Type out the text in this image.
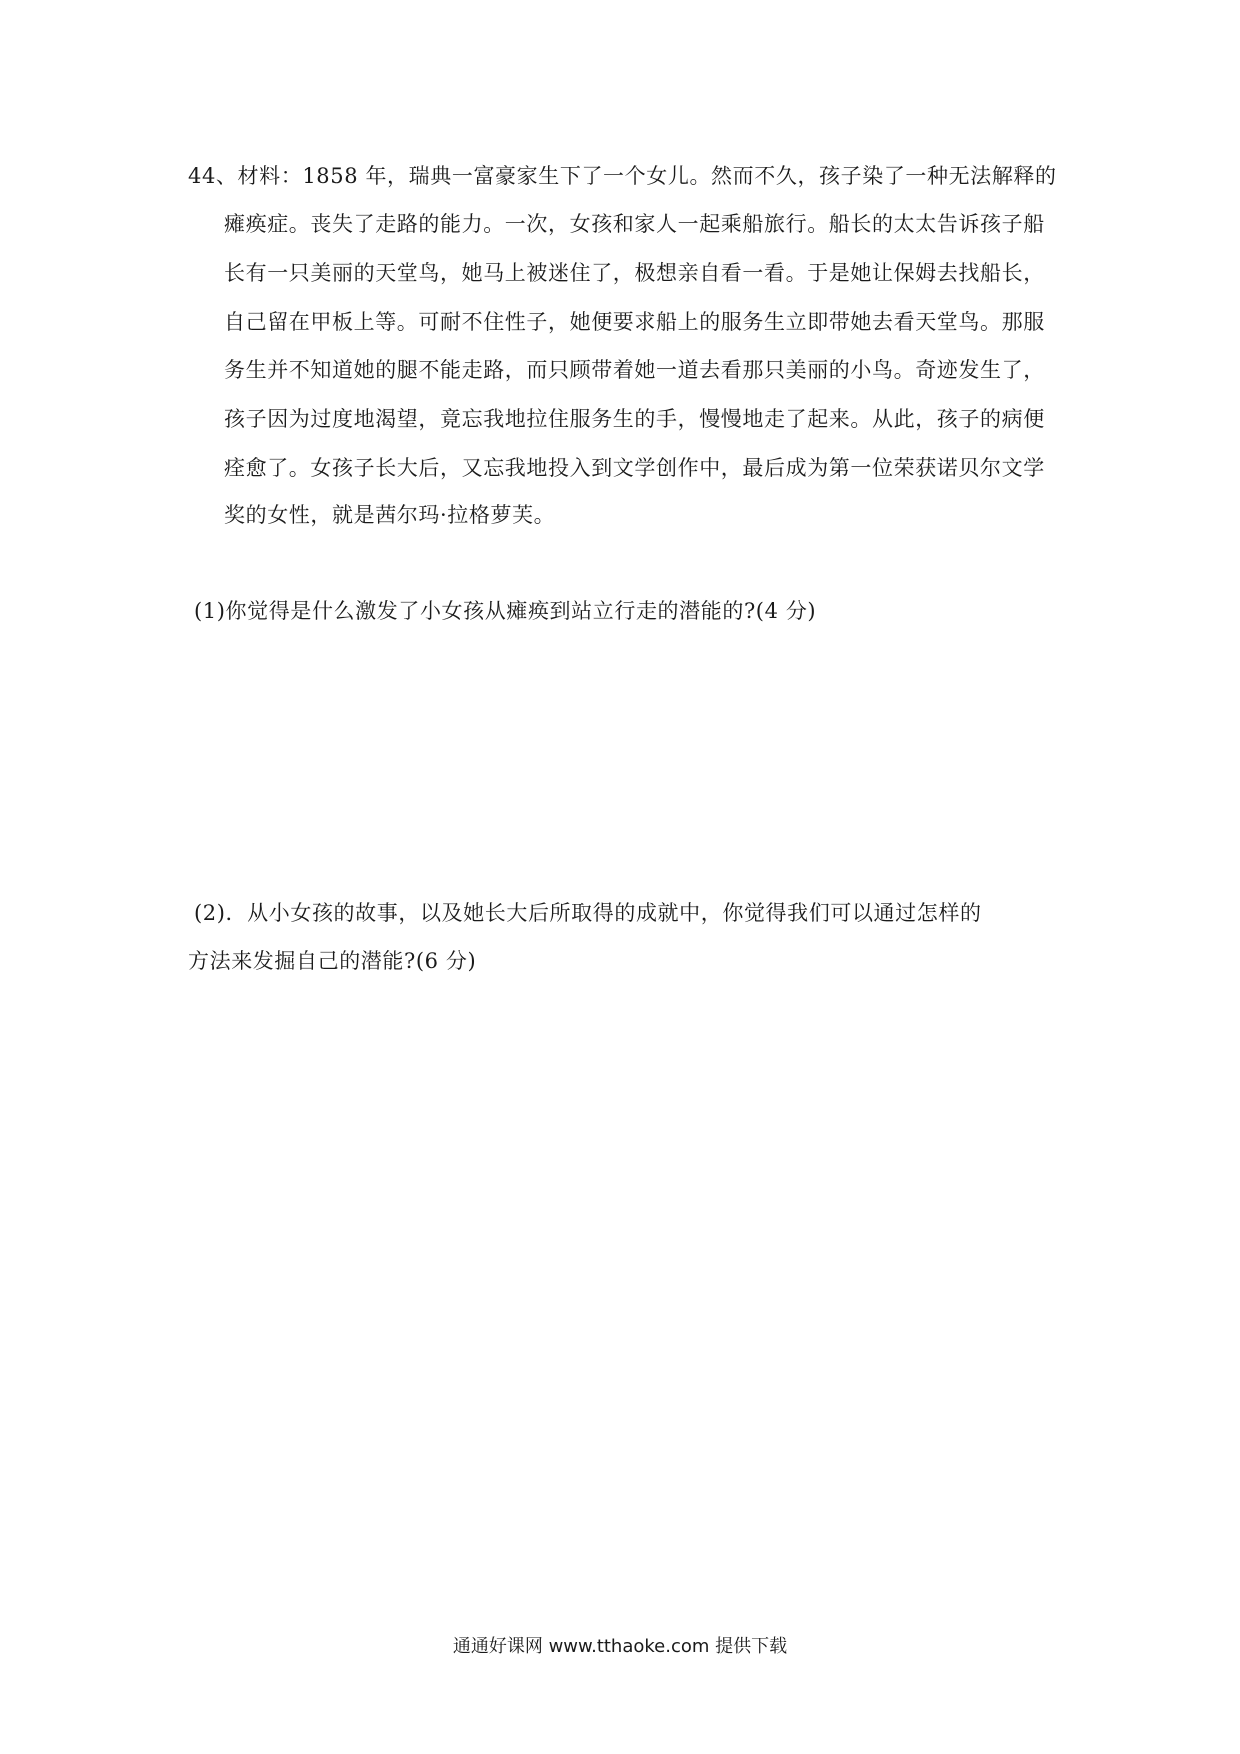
44、材料：1858 年，瑞典一富豪家生下了一个女儿。然而不久，孩子染了一种无法解释的
瘫痪症。丧失了走路的能力。一次，女孩和家人一起乘船旅行。船长的太太告诉孩子船
长有一只美丽的天堂鸟，她马上被迷住了，极想亲自看一看。于是她让保姆去找船长，
自己留在甲板上等。可耐不住性子，她便要求船上的服务生立即带她去看天堂鸟。那服
务生并不知道她的腿不能走路，而只顾带着她一道去看那只美丽的小鸟。奇迹发生了，
孩子因为过度地渴望，竟忘我地拉住服务生的手，慢慢地走了起来。从此，孩子的病便
痊愈了。女孩子长大后，又忘我地投入到文学创作中，最后成为第一位荣获诺贝尔文学
奖的女性，就是茜尔玛·拉格萝芙。
(1)你觉得是什么激发了小女孩从瘫痪到站立行走的潜能的?(4 分)
(2)．从小女孩的故事，以及她长大后所取得的成就中，你觉得我们可以通过怎样的
方法来发掘自己的潜能?(6 分)
通通好课网 www.tthaoke.com 提供下载
